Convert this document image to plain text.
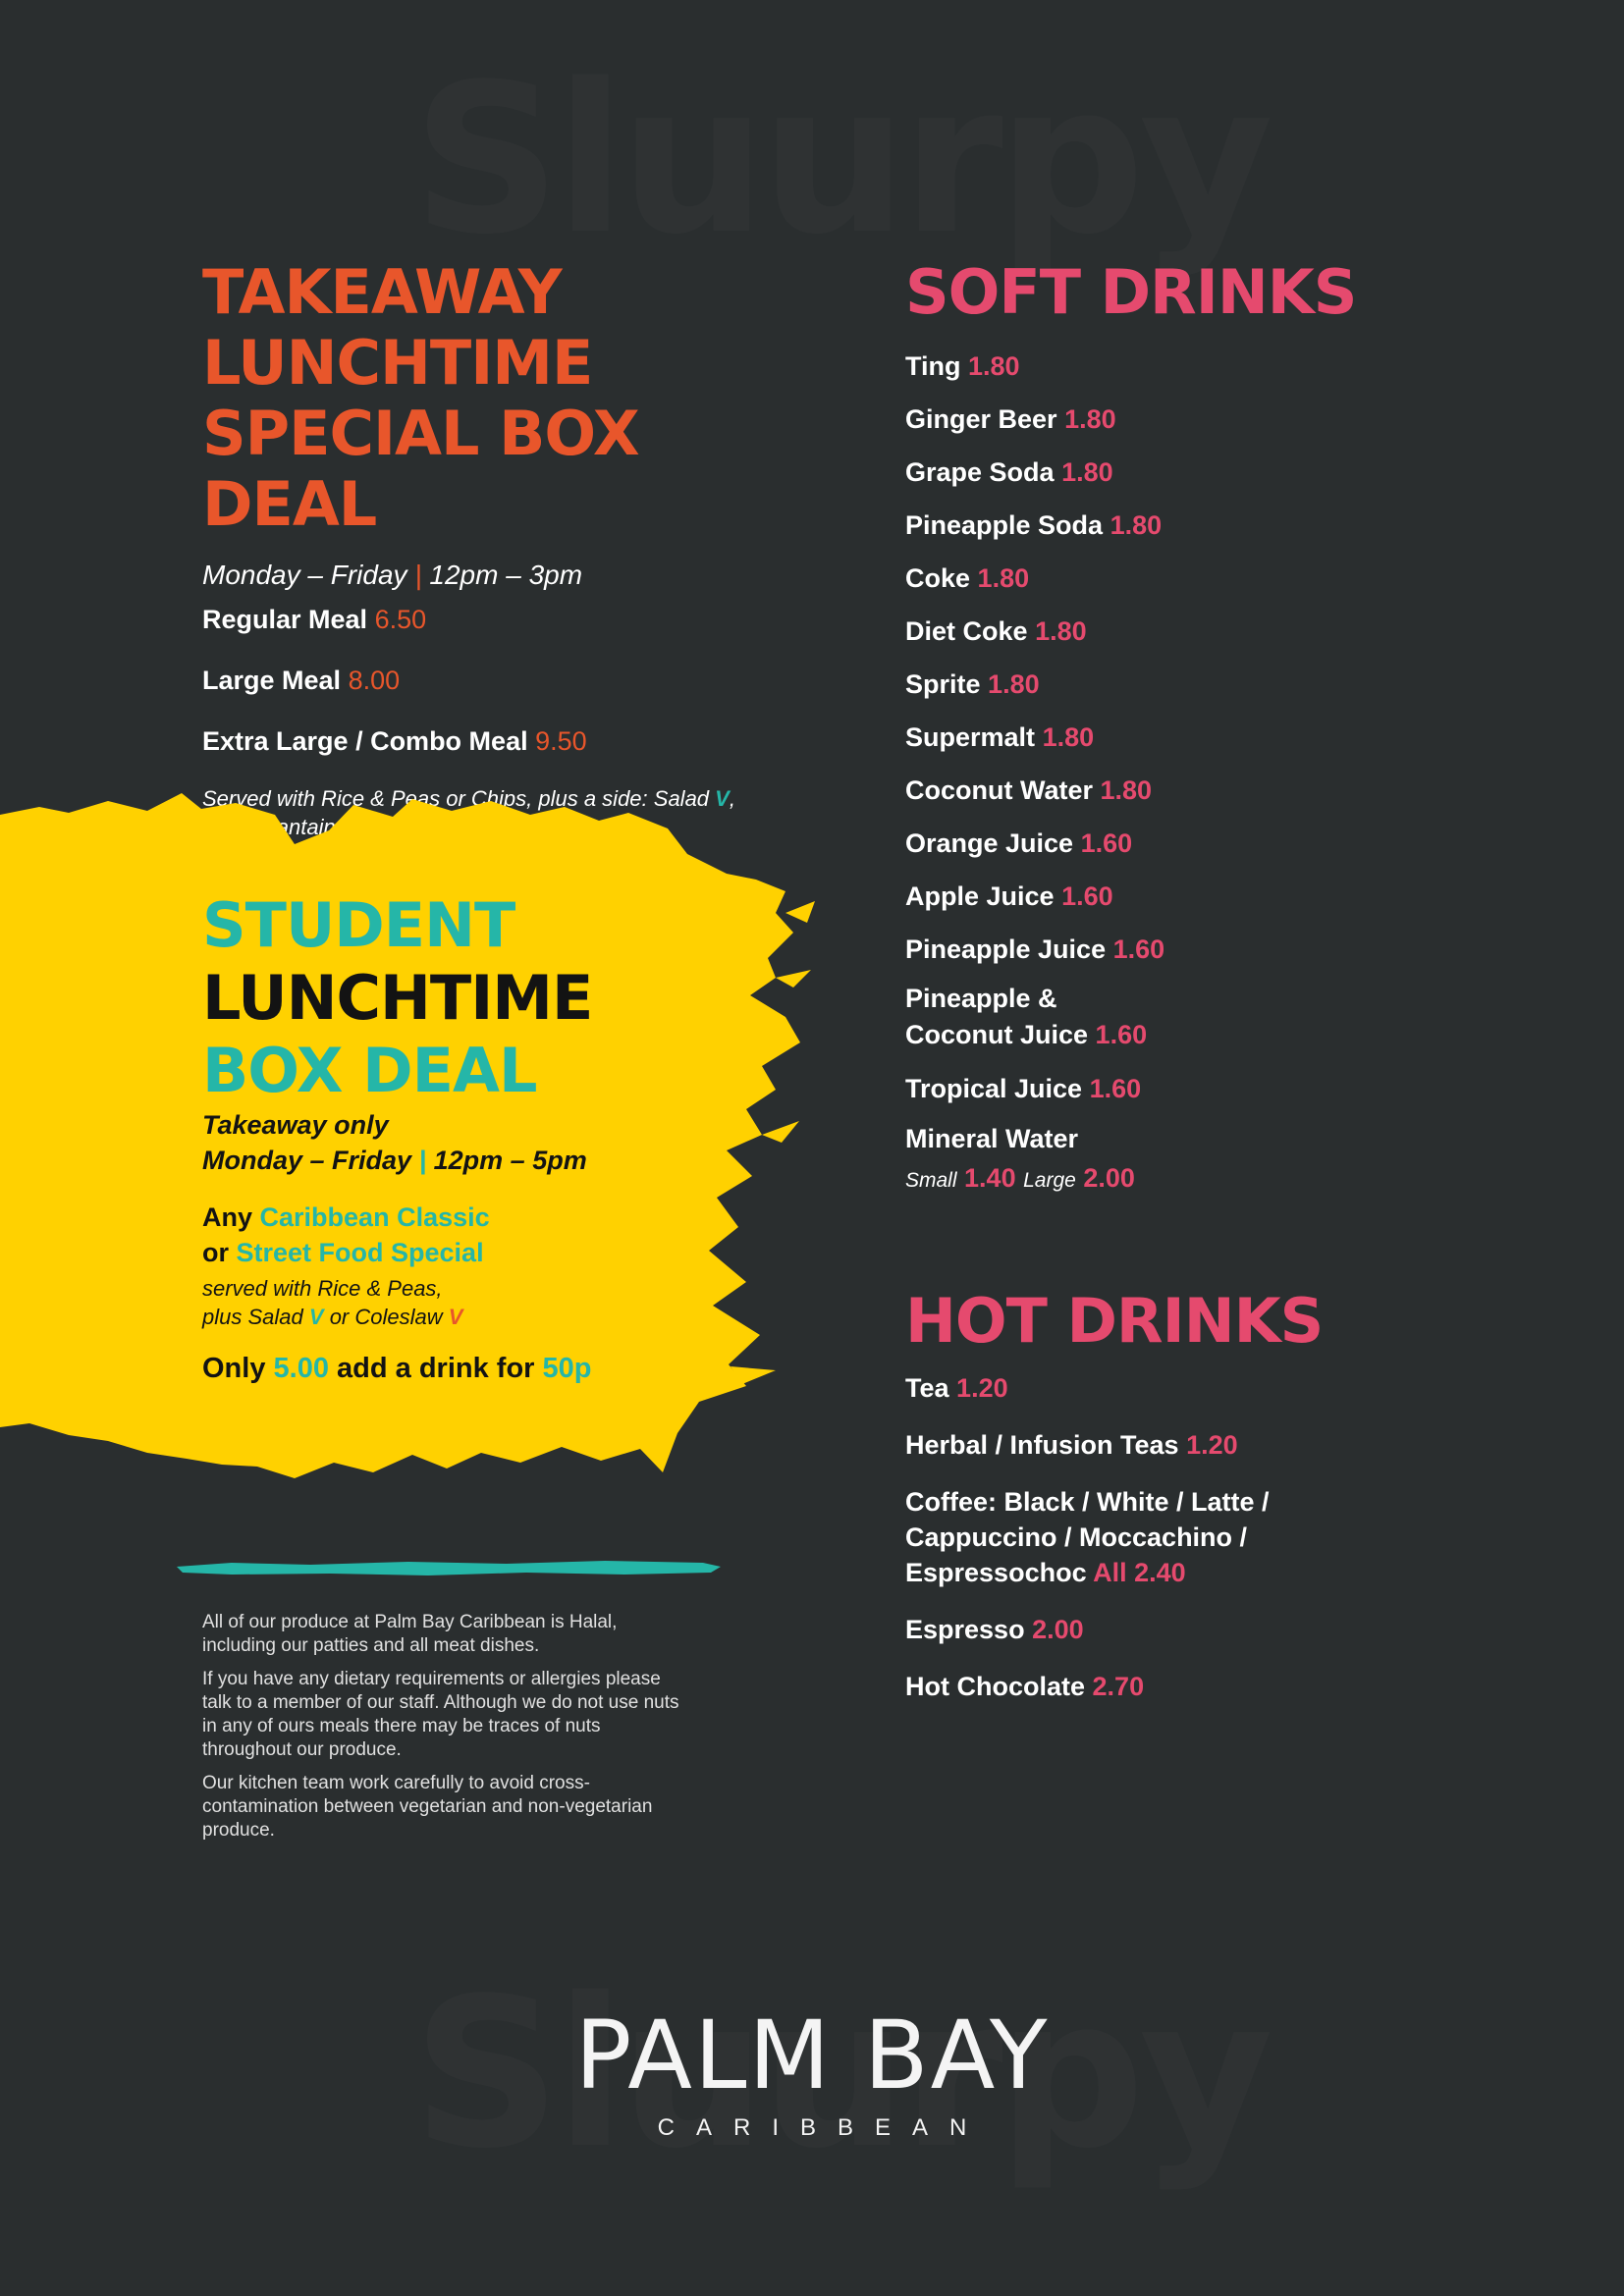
TAKEAWAY LUNCHTIME
SPECIAL BOX DEAL

Monday – Friday | 12pm – 3pm

Regular Meal 6.50

Large Meal 8.00

Extra Large / Combo Meal 9.50

Served with Rice & Peas or Chips, plus a side: Salad V,

STUDENT
LUNCHTIME
BOX DEAL

Takeaway only
Monday – Friday | 12pm – 5pm

Any Caribbean Classic
or Street Food Special

served with Rice & Peas,
plus Salad V or Coleslaw V

Only 5.00 add a drink for 50p

All of our produce at Palm Bay Caribbean is Halal, including our patties and all meat dishes.

If you have any dietary requirements or allergies please talk to a member of our staff. Although we do not use nuts in any of ours meals there may be traces of nuts throughout our produce.

Our kitchen team work carefully to avoid cross-contamination between vegetarian and non-vegetarian produce.

SOFT DRINKS
Ting 1.80
Ginger Beer 1.80
Grape Soda 1.80
Pineapple Soda 1.80
Coke 1.80
Diet Coke 1.80
Sprite 1.80
Supermalt 1.80
Coconut Water 1.80
Orange Juice 1.60
Apple Juice 1.60
Pineapple Juice 1.60
Pineapple &
Coconut Juice 1.60
Tropical Juice 1.60
Mineral Water
Small 1.40 Large 2.00
HOT DRINKS
Tea 1.20
Herbal / Infusion Teas 1.20
Coffee: Black / White / Latte /
Cappuccino / Moccachino /
Espressochoc All 2.40
Espresso 2.00
Hot Chocolate 2.70
PALM BAY
CARIBBEAN
